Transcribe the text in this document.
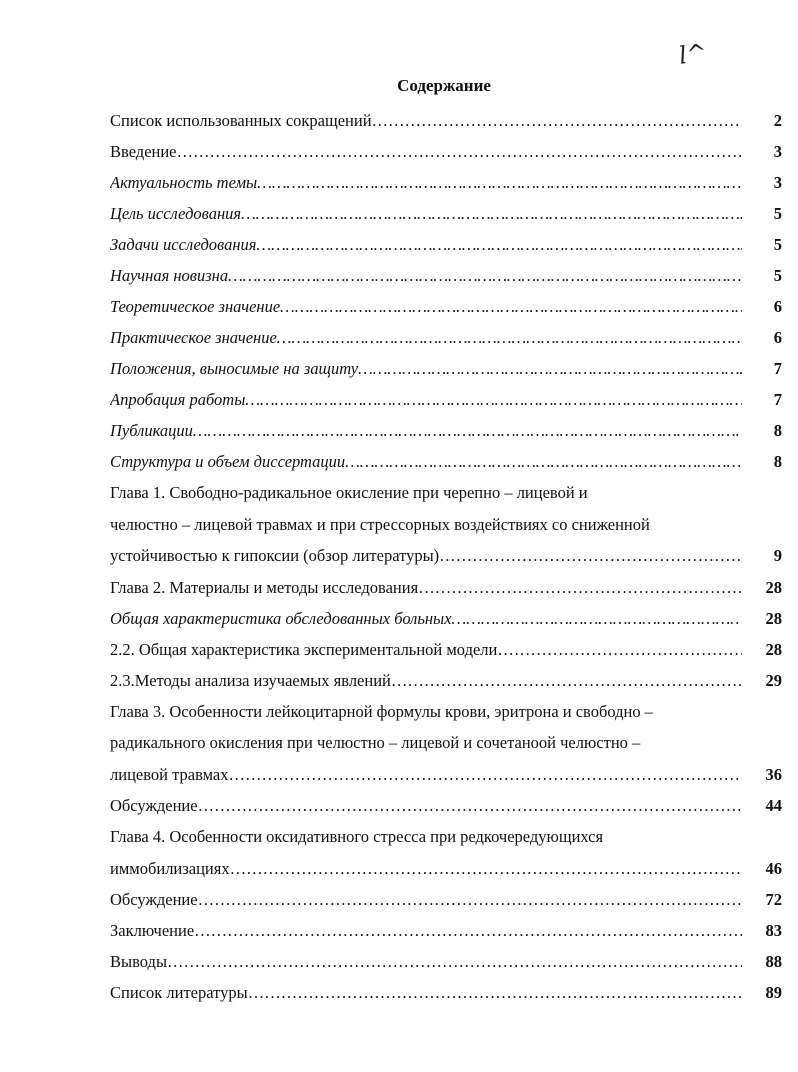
l^
Содержание
Список использованных сокращений …………………………………………………………………………………………………………………………………………………………	2
Введение …………………………………………………………………………………………………………………………………………………………	3
Актуальность темы …………………………………………………………………………………………………………………………………………………………	3
Цель исследования …………………………………………………………………………………………………………………………………………………………	5
Задачи исследования …………………………………………………………………………………………………………………………………………………………	5
Научная новизна …………………………………………………………………………………………………………………………………………………………	5
Теоретическое значение …………………………………………………………………………………………………………………………………………………………	6
Практическое значение …………………………………………………………………………………………………………………………………………………………	6
Положения, выносимые на защиту …………………………………………………………………………………………………………………………………………………………	7
Апробация работы …………………………………………………………………………………………………………………………………………………………	7
Публикации …………………………………………………………………………………………………………………………………………………………	8
Структура и объем диссертации …………………………………………………………………………………………………………………………………………………………	8
Глава 1. Свободно-радикальное окисление при черепно – лицевой и
челюстно – лицевой травмах и при стрессорных воздействиях со сниженной
устойчивостью к гипоксии (обзор литературы) …………………………………………………………………………………………………………………………………………………………	9
Глава 2. Материалы и методы исследования …………………………………………………………………………………………………………………………………………………………	28
Общая характеристика обследованных больных …………………………………………………………………………………………………………………………………………………………	28
2.2. Общая характеристика экспериментальной модели …………………………………………………………………………………………………………………………………………………………	28
2.3.Методы анализа изучаемых явлений …………………………………………………………………………………………………………………………………………………………	29
Глава 3. Особенности лейкоцитарной формулы крови, эритрона и свободно –
радикального окисления при челюстно – лицевой и сочетаноой челюстно –
лицевой травмах …………………………………………………………………………………………………………………………………………………………	36
Обсуждение …………………………………………………………………………………………………………………………………………………………	44
Глава 4. Особенности оксидативного стресса при редкочередующихся
иммобилизациях …………………………………………………………………………………………………………………………………………………………	46
Обсуждение …………………………………………………………………………………………………………………………………………………………	72
Заключение …………………………………………………………………………………………………………………………………………………………	83
Выводы …………………………………………………………………………………………………………………………………………………………	88
Список литературы …………………………………………………………………………………………………………………………………………………………	89
